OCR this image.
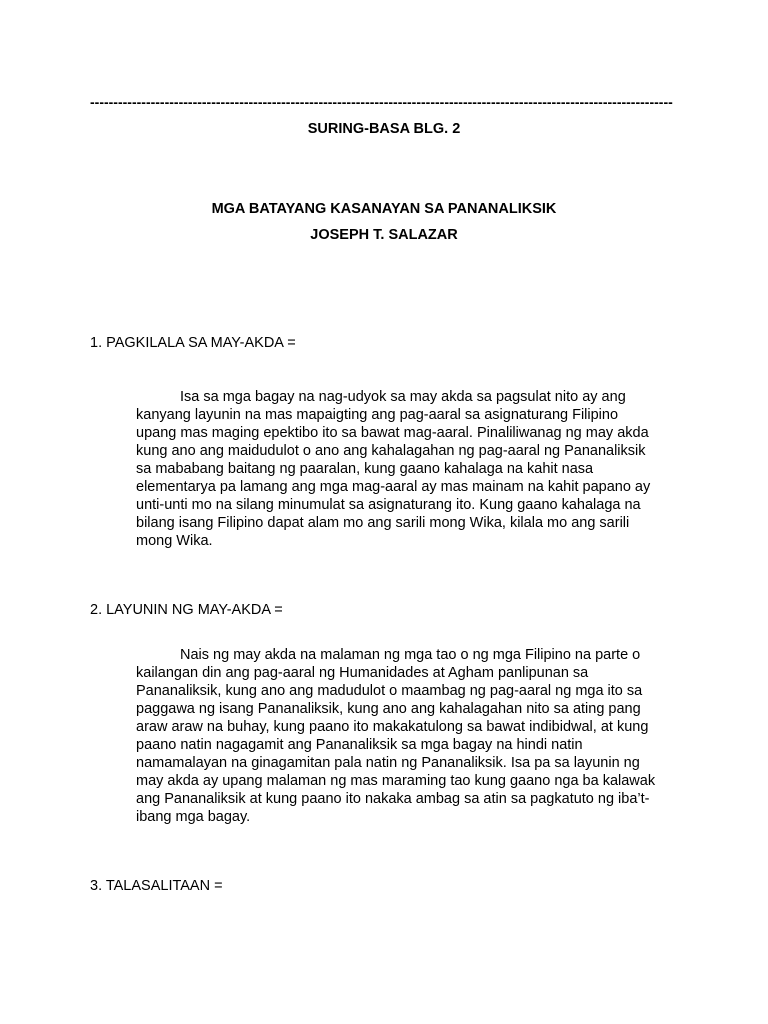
-----------------------------------------------------------------------------------------------------------------------------
SURING-BASA BLG. 2
MGA BATAYANG KASANAYAN SA PANANALIKSIK
JOSEPH T. SALAZAR
1. PAGKILALA SA MAY-AKDA =
Isa sa mga bagay na nag-udyok sa may akda sa pagsulat nito ay ang
kanyang layunin na mas mapaigting ang pag-aaral sa asignaturang Filipino
upang mas maging epektibo ito sa bawat mag-aaral. Pinaliliwanag ng may akda
kung ano ang maidudulot o ano ang kahalagahan ng pag-aaral ng Pananaliksik
sa mababang baitang ng paaralan, kung gaano kahalaga na kahit nasa
elementarya pa lamang ang mga mag-aaral ay mas mainam na kahit papano ay
unti-unti mo na silang minumulat sa asignaturang ito. Kung gaano kahalaga na
bilang isang Filipino dapat alam mo ang sarili mong Wika, kilala mo ang sarili
mong Wika.
2. LAYUNIN NG MAY-AKDA =
Nais ng may akda na malaman ng mga tao o ng mga Filipino na parte o
kailangan din ang pag-aaral ng Humanidades at Agham panlipunan sa
Pananaliksik, kung ano ang madudulot o maambag ng pag-aaral ng mga ito sa
paggawa ng isang Pananaliksik, kung ano ang kahalagahan nito sa ating pang
araw araw na buhay, kung paano ito makakatulong sa bawat indibidwal, at kung
paano natin nagagamit ang Pananaliksik sa mga bagay na hindi natin
namamalayan na ginagamitan pala natin ng Pananaliksik. Isa pa sa layunin ng
may akda ay upang malaman ng mas maraming tao kung gaano nga ba kalawak
ang Pananaliksik at kung paano ito nakaka ambag sa atin sa pagkatuto ng iba’t-
ibang mga bagay.
3. TALASALITAAN =
